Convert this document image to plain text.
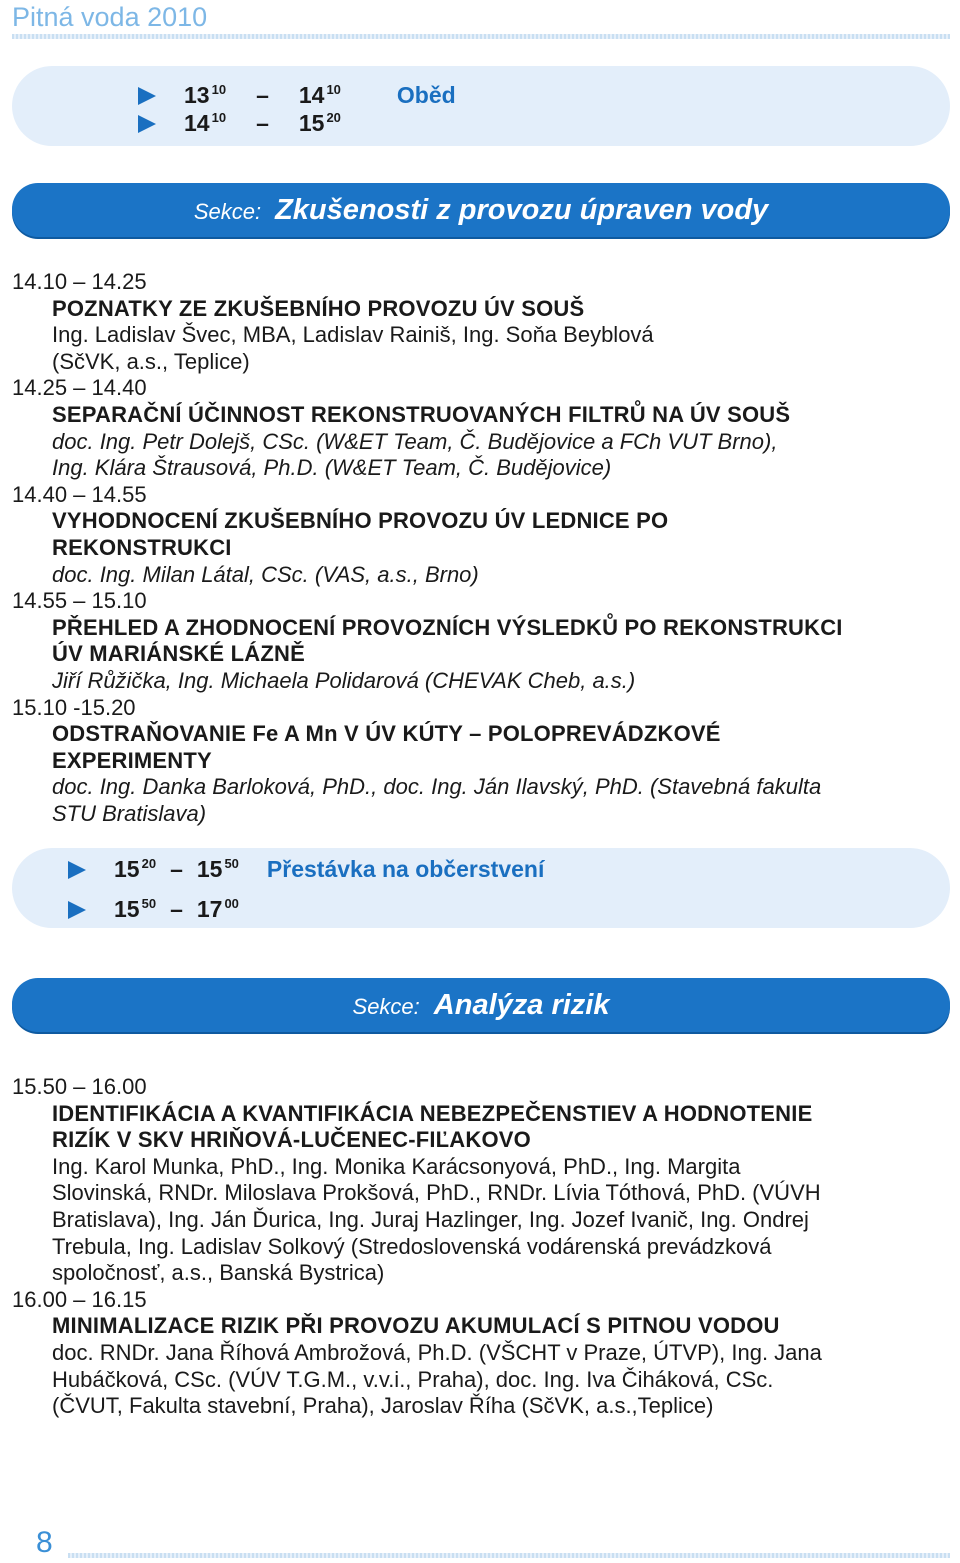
Pitná voda 2010
13 $^{10}$ – 14 $^{10}$ Oběd
14 $^{10}$ – 15 $^{20}$
Sekce: Zkušenosti z provozu úpraven vody
14.10 – 14.25
POZNATKY ZE ZKUŠEBNÍHO PROVOZU ÚV SOUŠ
Ing. Ladislav Švec, MBA, Ladislav Rainiš, Ing. Soňa Beyblová
(SčVK, a.s., Teplice)
14.25 – 14.40
SEPARAČNÍ ÚČINNOST REKONSTRUOVANÝCH FILTRŮ NA ÚV SOUŠ
doc. Ing. Petr Dolejš, CSc. (W&ET Team, Č. Budějovice a FCh VUT Brno),
Ing. Klára Štrausová, Ph.D. (W&ET Team, Č. Budějovice)
14.40 – 14.55
VYHODNOCENÍ ZKUŠEBNÍHO PROVOZU ÚV LEDNICE PO
REKONSTRUKCI
doc. Ing. Milan Látal, CSc. (VAS, a.s., Brno)
14.55 – 15.10
PŘEHLED A ZHODNOCENÍ PROVOZNÍCH VÝSLEDKŮ PO REKONSTRUKCI
ÚV MARIÁNSKÉ LÁZNĚ
Jiří Růžička, Ing. Michaela Polidarová (CHEVAK Cheb, a.s.)
15.10 -15.20
ODSTRAŇOVANIE Fe A Mn V ÚV KÚTY – POLOPREVÁDZKOVÉ
EXPERIMENTY
doc. Ing. Danka Barloková, PhD., doc. Ing. Ján Ilavský, PhD. (Stavebná fakulta
STU Bratislava)
15 $^{20}$ – 15 $^{50}$ Přestávka na občerstvení
15 $^{50}$ – 17 $^{00}$
Sekce: Analýza rizik
15.50 – 16.00
IDENTIFIKÁCIA A KVANTIFIKÁCIA NEBEZPEČENSTIEV A HODNOTENIE
RIZÍK V SKV HRIŇOVÁ-LUČENEC-FIĽAKOVO
Ing. Karol Munka, PhD., Ing. Monika Karácsonyová, PhD., Ing. Margita
Slovinská, RNDr. Miloslava Prokšová, PhD., RNDr. Lívia Tóthová, PhD. (VÚVH
Bratislava), Ing. Ján Ďurica, Ing. Juraj Hazlinger, Ing. Jozef Ivanič, Ing. Ondrej
Trebula, Ing. Ladislav Solkový (Stredoslovenská vodárenská prevádzková
spoločnosť, a.s., Banská Bystrica)
16.00 – 16.15
MINIMALIZACE RIZIK PŘI PROVOZU AKUMULACÍ S PITNOU VODOU
doc. RNDr. Jana Říhová Ambrožová, Ph.D. (VŠCHT v Praze, ÚTVP), Ing. Jana
Hubáčková, CSc. (VÚV T.G.M., v.v.i., Praha), doc. Ing. Iva Čiháková, CSc.
(ČVUT, Fakulta stavební, Praha), Jaroslav Říha (SčVK, a.s.,Teplice)
8
